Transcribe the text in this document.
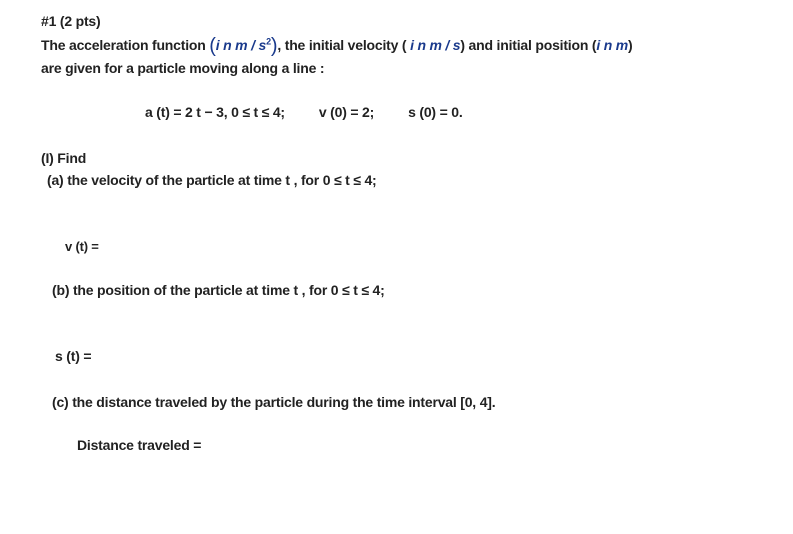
#1 (2 pts)
The acceleration function (i n m / $s^2$), the initial velocity ( i n m / s) and initial position (i n m)
are given for a particle moving along a line :
a (t) = 2 t − 3, 0 ≤ t ≤ 4; v (0) = 2; s (0) = 0.
(I) Find
(a) the velocity of the particle at time t , for 0 ≤ t ≤ 4;
v (t) =
(b) the position of the particle at time t , for 0 ≤ t ≤ 4;
s (t) =
(c) the distance traveled by the particle during the time interval [0, 4].
Distance traveled =
